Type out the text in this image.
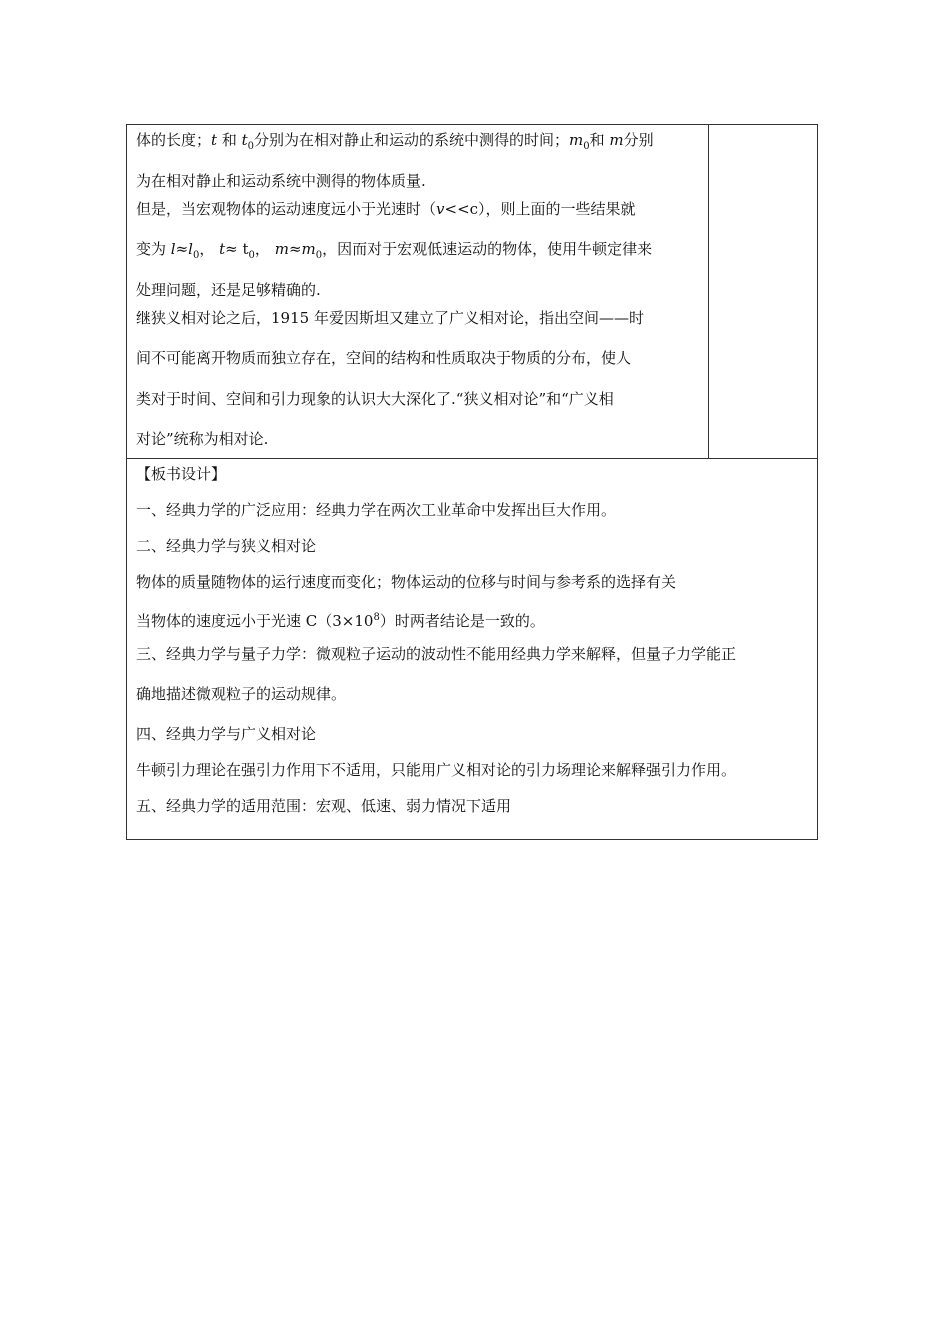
体的长度；t 和 $t_0$分别为在相对静止和运动的系统中测得的时间；$m_0$和 m分别
为在相对静止和运动系统中测得的物体质量.
但是，当宏观物体的运动速度远小于光速时（v<<c），则上面的一些结果就
变为 $l\approx l_0$， $t\approx t_0$， $m\approx m_0$，因而对于宏观低速运动的物体，使用牛顿定律来
处理问题，还是足够精确的.
继狭义相对论之后，1915 年爱因斯坦又建立了广义相对论，指出空间——时
间不可能离开物质而独立存在，空间的结构和性质取决于物质的分布，使人
类对于时间、空间和引力现象的认识大大深化了.“狭义相对论”和“广义相
对论”统称为相对论.
【板书设计】
一、经典力学的广泛应用：经典力学在两次工业革命中发挥出巨大作用。
二、经典力学与狭义相对论
物体的质量随物体的运行速度而变化；物体运动的位移与时间与参考系的选择有关
当物体的速度远小于光速 $C(3\times 10^8)$时两者结论是一致的。
三、经典力学与量子力学：微观粒子运动的波动性不能用经典力学来解释，但量子力学能正
确地描述微观粒子的运动规律。
四、经典力学与广义相对论
牛顿引力理论在强引力作用下不适用，只能用广义相对论的引力场理论来解释强引力作用。
五、经典力学的适用范围：宏观、低速、弱力情况下适用
